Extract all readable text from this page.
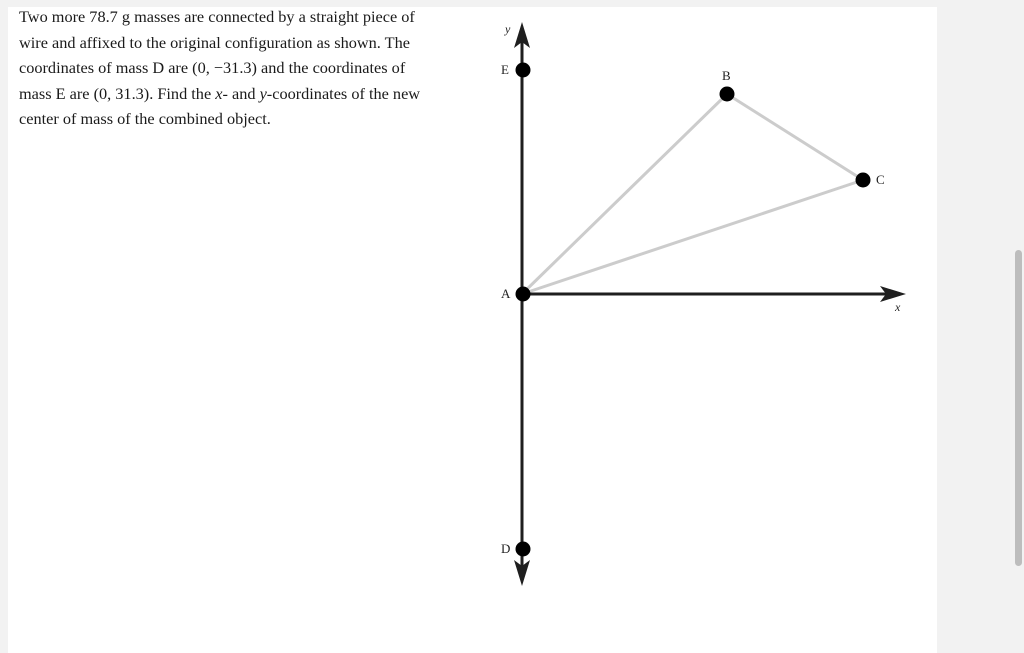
Two more 78.7 g masses are connected by a straight piece of

wire and affixed to the original configuration as shown. The

coordinates of mass D are (0, −31.3) and the coordinates of

mass E are (0, 31.3). Find the x- and y-coordinates of the new

center of mass of the combined object.

y
x
E	B
C
A
D
